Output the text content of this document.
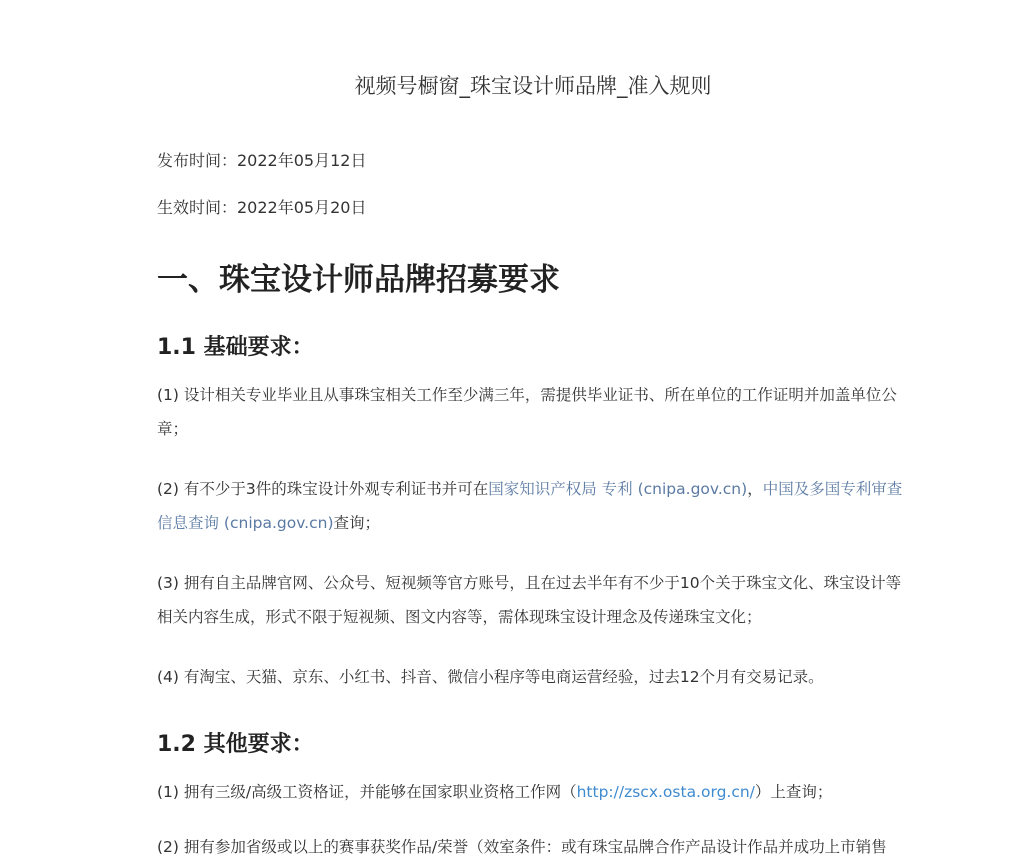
视频号橱窗_珠宝设计师品牌_准入规则
发布时间：2022年05月12日
生效时间：2022年05月20日
一、珠宝设计师品牌招募要求
1.1 基础要求：

(1) 设计相关专业毕业且从事珠宝相关工作至少满三年，需提供毕业证书、所在单位的工作证明并加盖单位公章；

(2) 有不少于3件的珠宝设计外观专利证书并可在国家知识产权局 专利 (cnipa.gov.cn)，中国及多国专利审查信息查询 (cnipa.gov.cn)查询；

(3) 拥有自主品牌官网、公众号、短视频等官方账号，且在过去半年有不少于10个关于珠宝文化、珠宝设计等相关内容生成，形式不限于短视频、图文内容等，需体现珠宝设计理念及传递珠宝文化；

(4) 有淘宝、天猫、京东、小红书、抖音、微信小程序等电商运营经验，过去12个月有交易记录。

1.2 其他要求：

(1) 拥有三级/高级工资格证，并能够在国家职业资格工作网（http://zscx.osta.org.cn/）上查询；

(2) 拥有参加省级或以上的赛事获奖作品/荣誉（效室条件：或有珠宝品牌合作产品设计作品并成功上市销售
